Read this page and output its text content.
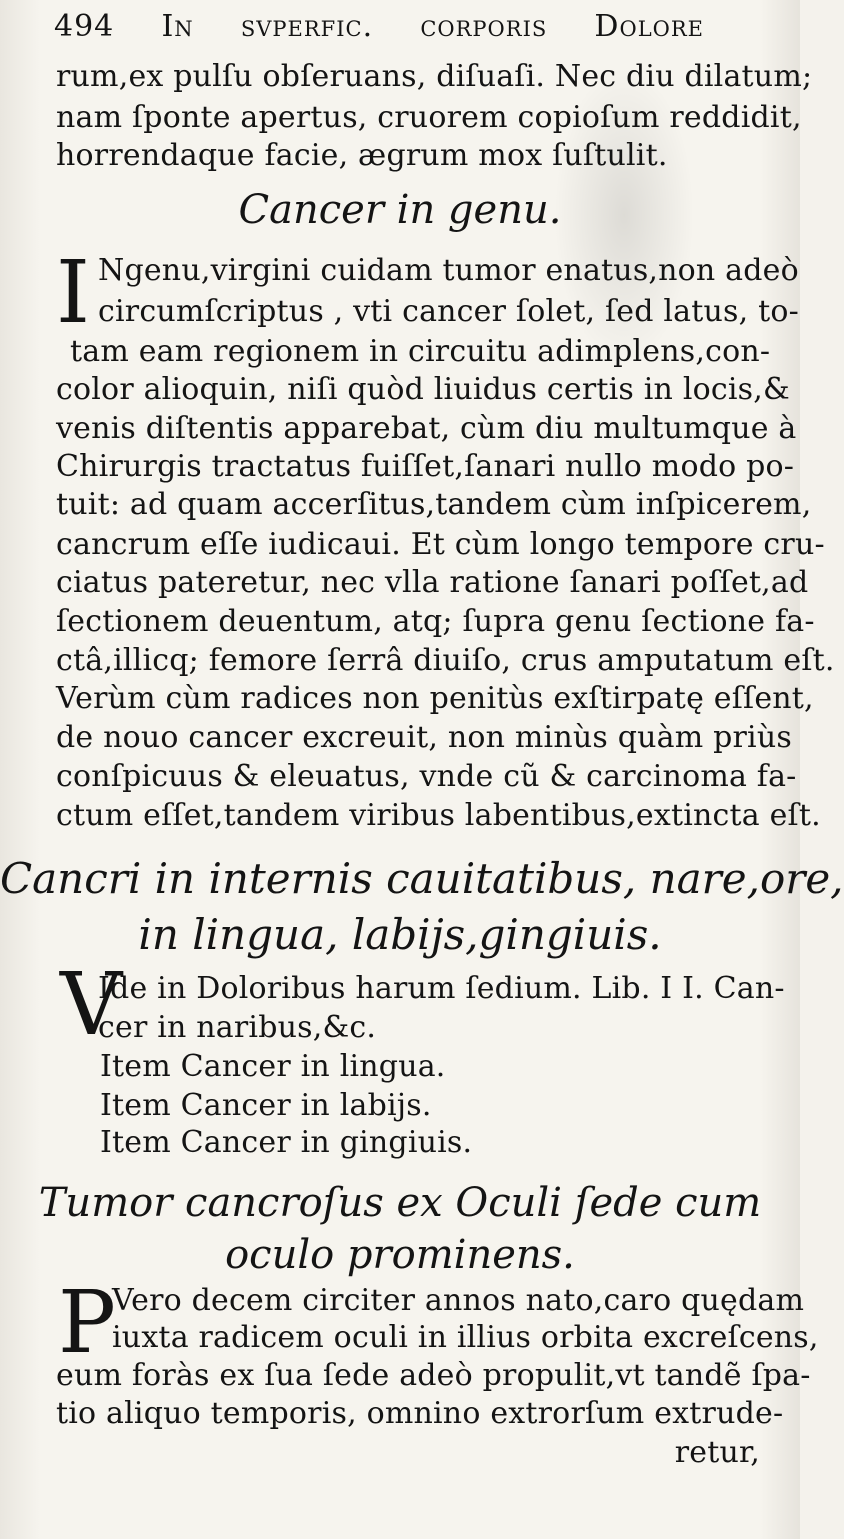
494 In svperfic. corporis Dolore
rum,ex pulſu obſeruans, diſuaſi. Nec diu dilatum;
nam ſponte apertus, cruorem copioſum reddidit,
horrendaque facie, ægrum mox ſuſtulit.
Cancer in genu.
I Ngenu,virgini cuidam tumor enatus,non adeò
circumſcriptus , vti cancer ſolet, ſed latus, to-
tam eam regionem in circuitu adimplens,con-
color alioquin, niſi quòd liuidus certis in locis,&
venis diſtentis apparebat, cùm diu multumque à
Chirurgis tractatus fuiſſet,ſanari nullo modo po-
tuit: ad quam accerſitus,tandem cùm inſpicerem,
cancrum eſſe iudicaui. Et cùm longo tempore cru-
ciatus pateretur, nec vlla ratione ſanari poſſet,ad
ſectionem deuentum, atq; ſupra genu ſectione fa-
ctâ,illicq; femore ſerrâ diuiſo, crus amputatum eſt.
Verùm cùm radices non penitùs exſtirpatę eſſent,
de nouo cancer excreuit, non minùs quàm priùs
conſpicuus & eleuatus, vnde cũ & carcinoma fa-
ctum eſſet,tandem viribus labentibus,extincta eſt.
Cancri in internis cauitatibus, nare,ore,
in lingua, labijs,gingiuis.
V
Ide in Doloribus harum ſedium. Lib. I I. Can-
cer in naribus,&c.
Item Cancer in lingua.
Item Cancer in labijs.
Item Cancer in gingiuis.
Tumor cancroſus ex Oculi ſede cum
oculo prominens.
P
Vero decem circiter annos nato,caro quędam
iuxta radicem oculi in illius orbita excreſcens,
eum foràs ex ſua ſede adeò propulit,vt tandẽ ſpa-
tio aliquo temporis, omnino extrorſum extrude-
retur,
